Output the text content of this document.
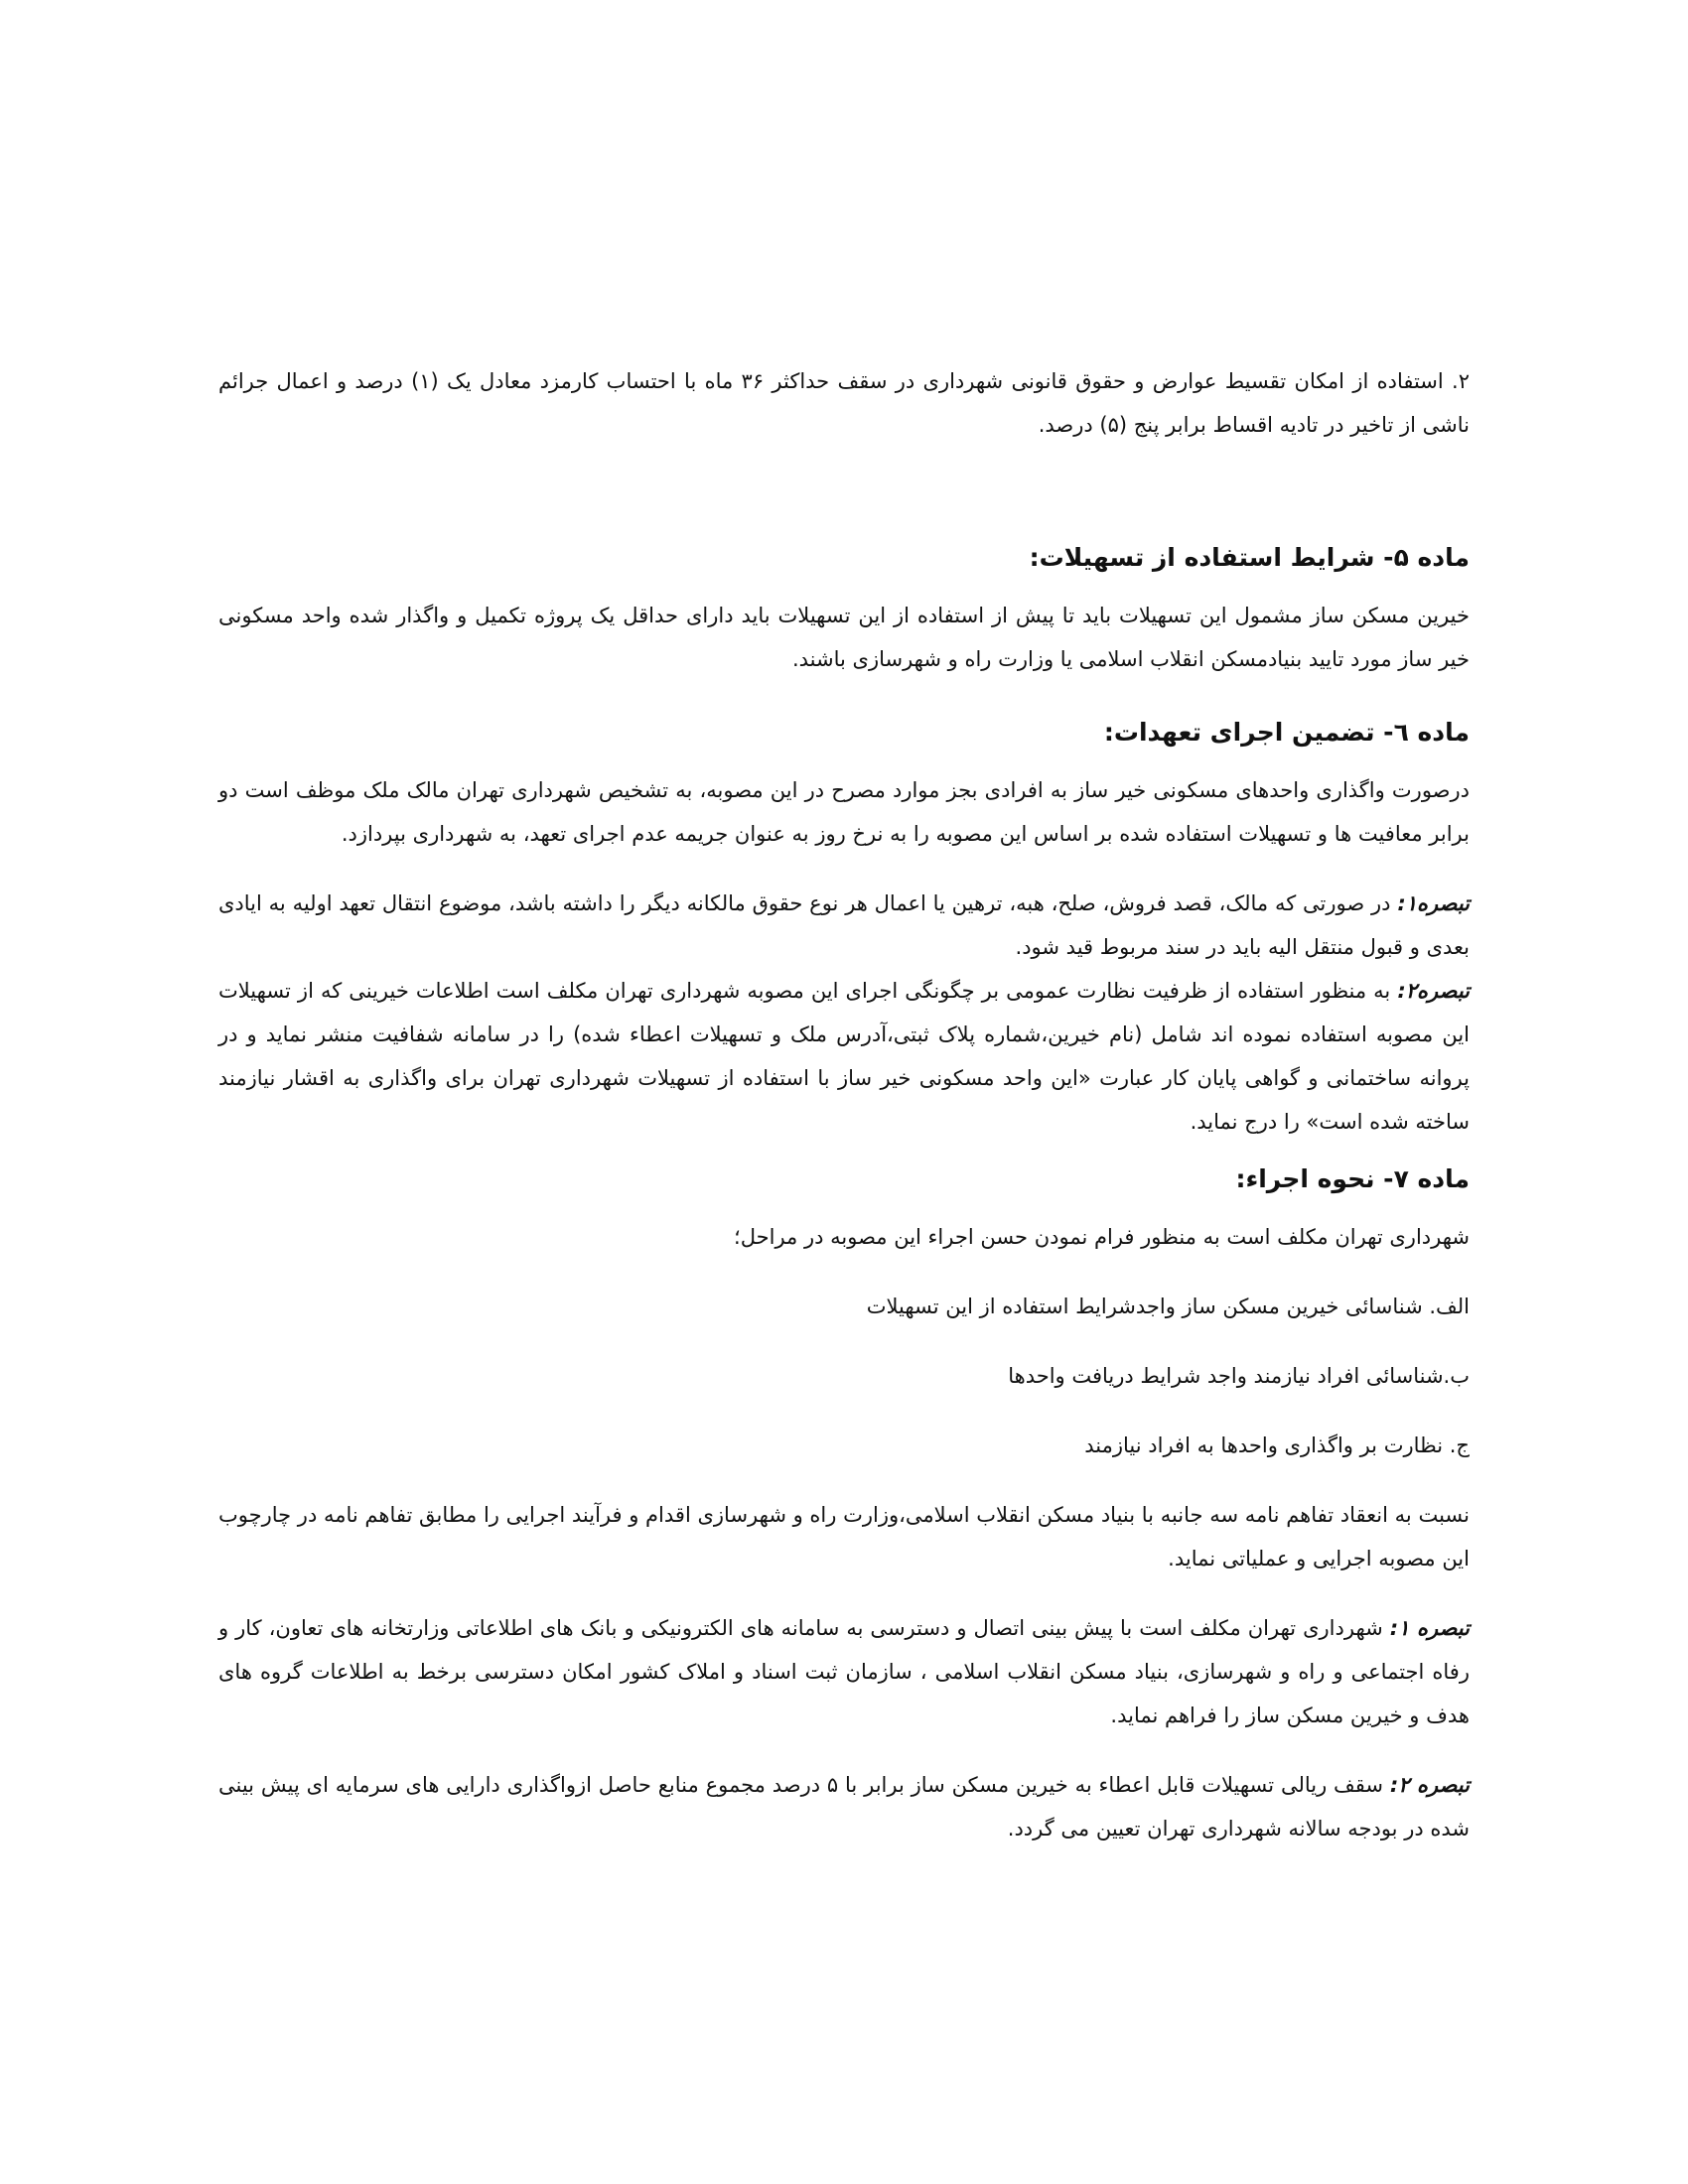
۲. استفاده از امکان تقسیط عوارض و حقوق قانونی شهرداری در سقف حداکثر ۳۶ ماه با احتساب کارمزد معادل یک (۱) درصد و اعمال جرائم ناشی از تاخیر در تادیه اقساط برابر پنج (۵) درصد.

ماده ۵- شرایط استفاده از تسهیلات:

خیرین مسکن ساز مشمول این تسهیلات باید تا پیش از استفاده از این تسهیلات باید دارای حداقل یک پروژه تکمیل و واگذار شده واحد مسکونی خیر ساز مورد تایید بنیادمسکن انقلاب اسلامی یا وزارت راه و شهرسازی باشند.

ماده ٦- تضمین اجرای تعهدات:

درصورت واگذاری واحدهای مسکونی خیر ساز به افرادی بجز موارد مصرح در این مصوبه، به تشخیص شهرداری تهران مالک ملک موظف است دو برابر معافیت ها و تسهیلات استفاده شده بر اساس این مصوبه را به نرخ روز به عنوان جریمه عدم اجرای تعهد، به شهرداری بپردازد.

تبصره۱: در صورتی که مالک، قصد فروش، صلح، هبه، ترهین یا اعمال هر نوع حقوق مالکانه دیگر را داشته باشد، موضوع انتقال تعهد اولیه به ایادی بعدی و قبول منتقل الیه باید در سند مربوط قید شود.

تبصره۲: به منظور استفاده از ظرفیت نظارت عمومی بر چگونگی اجرای این مصوبه شهرداری تهران مکلف است اطلاعات خیرینی که از تسهیلات این مصوبه استفاده نموده اند شامل (نام خیرین،شماره پلاک ثبتی،آدرس ملک و تسهیلات اعطاء شده) را در سامانه شفافیت منشر نماید و در پروانه ساختمانی و گواهی پایان کار عبارت «این واحد مسکونی خیر ساز با استفاده از تسهیلات شهرداری تهران برای واگذاری به اقشار نیازمند ساخته شده است» را درج نماید.

ماده ۷- نحوه اجراء:

شهرداری تهران مکلف است به منظور فرام نمودن حسن اجراء این مصوبه در مراحل؛

الف. شناسائی خیرین مسکن ساز واجدشرایط استفاده از این تسهیلات

ب.شناسائی افراد نیازمند واجد شرایط دریافت واحدها

ج. نظارت بر واگذاری واحدها به افراد نیازمند

نسبت به انعقاد تفاهم نامه سه جانبه با بنیاد مسکن انقلاب اسلامی،وزارت راه و شهرسازی اقدام و فرآیند اجرایی را مطابق تفاهم نامه در چارچوب این مصوبه اجرایی و عملیاتی نماید.

تبصره ۱: شهرداری تهران مکلف است با پیش بینی اتصال و دسترسی به سامانه های الکترونیکی و بانک های اطلاعاتی وزارتخانه های تعاون، کار و رفاه اجتماعی و راه و شهرسازی، بنیاد مسکن انقلاب اسلامی ، سازمان ثبت اسناد و املاک کشور امکان دسترسی برخط به اطلاعات گروه های هدف و خیرین مسکن ساز را فراهم نماید.

تبصره ۲: سقف ریالی تسهیلات قابل اعطاء به خیرین مسکن ساز برابر با ۵ درصد مجموع منابع حاصل ازواگذاری دارایی های سرمایه ای پیش بینی شده در بودجه سالانه شهرداری تهران تعیین می گردد.
